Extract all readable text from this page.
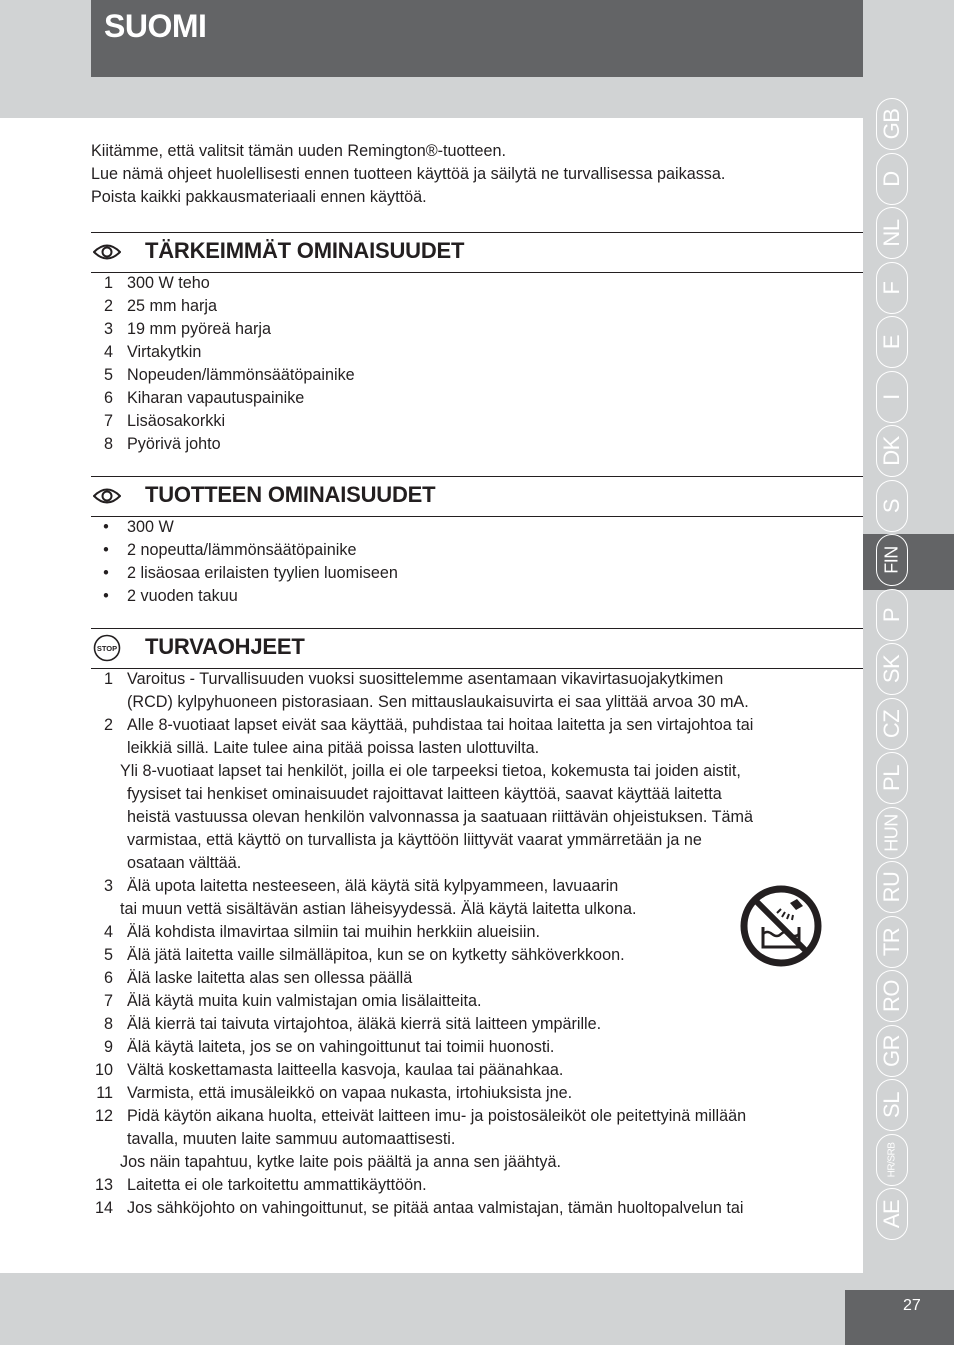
SUOMI
GB
D
NL
F
E
I
DK
S
FIN
P
SK
CZ
PL
HUN
RU
TR
RO
GR
SL
HR/SRB
AE

Kiitämme, että valitsit tämän uuden Remington®-tuotteen.

Lue nämä ohjeet huolellisesti ennen tuotteen käyttöä ja säilytä ne turvallisessa paikassa.

Poista kaikki pakkausmateriaali ennen käyttöä.

TÄRKEIMMÄT OMINAISUUDET
1 300 W teho
2 25 mm harja
3 19 mm pyöreä harja
4 Virtakytkin
5 Nopeuden/lämmönsäätöpainike
6 Kiharan vapautuspainike
7 Lisäosakorkki
8 Pyörivä johto
TUOTTEEN OMINAISUUDET
•	300 W
•	2 nopeutta/lämmönsäätöpainike
•	2 lisäosaa erilaisten tyylien luomiseen
•	2 vuoden takuu
STOP TURVAOHJEET
1 Varoitus - Turvallisuuden vuoksi suosittelemme asentamaan vikavirtasuojakytkimen
(RCD) kylpyhuoneen pistorasiaan. Sen mittauslaukaisuvirta ei saa ylittää arvoa 30 mA.
2 Alle 8-vuotiaat lapset eivät saa käyttää, puhdistaa tai hoitaa laitetta ja sen virtajohtoa tai
leikkiä sillä. Laite tulee aina pitää poissa lasten ulottuvilta.
Yli 8-vuotiaat lapset tai henkilöt, joilla ei ole tarpeeksi tietoa, kokemusta tai joiden aistit,
fyysiset tai henkiset ominaisuudet rajoittavat laitteen käyttöä, saavat käyttää laitetta
heistä vastuussa olevan henkilön valvonnassa ja saatuaan riittävän ohjeistuksen. Tämä
varmistaa, että käyttö on turvallista ja käyttöön liittyvät vaarat ymmärretään ja ne
osataan välttää.
3 Älä upota laitetta nesteeseen, älä käytä sitä kylpyammeen, lavuaarin
tai muun vettä sisältävän astian läheisyydessä. Älä käytä laitetta ulkona.
4 Älä kohdista ilmavirtaa silmiin tai muihin herkkiin alueisiin.
5 Älä jätä laitetta vaille silmälläpitoa, kun se on kytketty sähköverkkoon.
6 Älä laske laitetta alas sen ollessa päällä
7 Älä käytä muita kuin valmistajan omia lisälaitteita.
8 Älä kierrä tai taivuta virtajohtoa, äläkä kierrä sitä laitteen ympärille.
9 Älä käytä laiteta, jos se on vahingoittunut tai toimii huonosti.
10 Vältä koskettamasta laitteella kasvoja, kaulaa tai päänahkaa.
11 Varmista, että imusäleikkö on vapaa nukasta, irtohiuksista jne.
12 Pidä käytön aikana huolta, etteivät laitteen imu- ja poistosäleiköt ole peitettyinä millään
tavalla, muuten laite sammuu automaattisesti.
Jos näin tapahtuu, kytke laite pois päältä ja anna sen jäähtyä.
13 Laitetta ei ole tarkoitettu ammattikäyttöön.
14 Jos sähköjohto on vahingoittunut, se pitää antaa valmistajan, tämän huoltopalvelun tai
27
